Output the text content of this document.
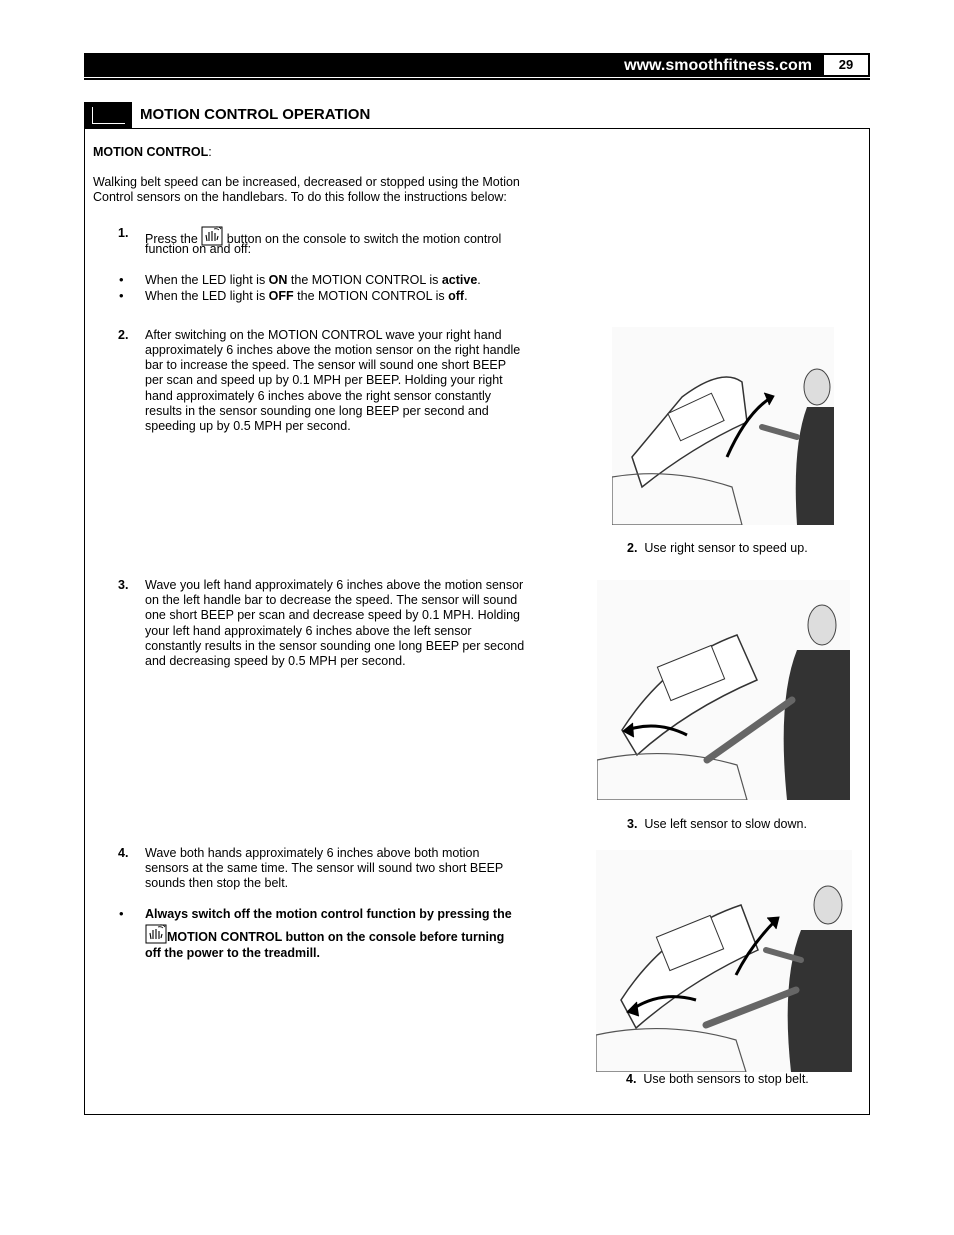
www.smoothfitness.com	29
MOTION CONTROL OPERATION
MOTION CONTROL:
Walking belt speed can be increased, decreased or stopped using the Motion
Control sensors on the handlebars. To do this follow the instructions below:
1. Press the button on the console to switch the motion control
function on and off:
• When the LED light is ON the MOTION CONTROL is active.
• When the LED light is OFF the MOTION CONTROL is off.
2. After switching on the MOTION CONTROL wave your right hand
approximately 6 inches above the motion sensor on the right handle
bar to increase the speed. The sensor will sound one short BEEP
per scan and speed up by 0.1 MPH per BEEP. Holding your right
hand approximately 6 inches above the right sensor constantly
results in the sensor sounding one long BEEP per second and
speeding up by 0.5 MPH per second.
2. Use right sensor to speed up.
3. Wave you left hand approximately 6 inches above the motion sensor
on the left handle bar to decrease the speed. The sensor will sound
one short BEEP per scan and decrease speed by 0.1 MPH. Holding
your left hand approximately 6 inches above the left sensor
constantly results in the sensor sounding one long BEEP per second
and decreasing speed by 0.5 MPH per second.
3. Use left sensor to slow down.
4. Wave both hands approximately 6 inches above both motion
sensors at the same time. The sensor will sound two short BEEP
sounds then stop the belt.
• Always switch off the motion control function by pressing the
MOTION CONTROL button on the console before turning
off the power to the treadmill.
4. Use both sensors to stop belt.
